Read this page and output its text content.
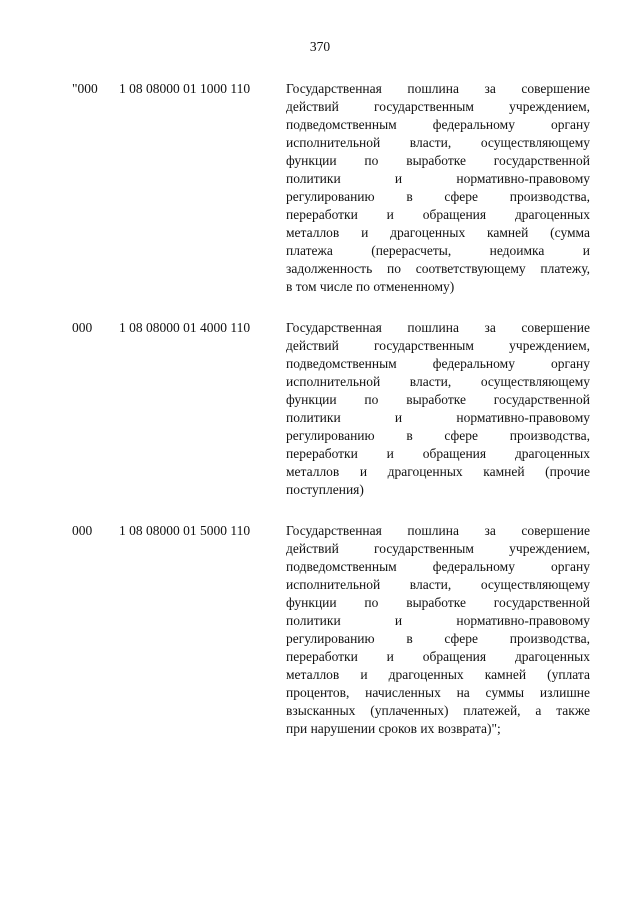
370
"000 1 08 08000 01 1000 110	Государственная пошлина за совершение
действий государственным учреждением,
подведомственным федеральному органу
исполнительной власти, осуществляющему
функции по выработке государственной
политики и нормативно-правовому
регулированию в сфере производства,
переработки и обращения драгоценных
металлов и драгоценных камней (сумма
платежа (перерасчеты, недоимка и
задолженность по соответствующему платежу,
в том числе по отмененному)
000 1 08 08000 01 4000 110	Государственная пошлина за совершение
действий государственным учреждением,
подведомственным федеральному органу
исполнительной власти, осуществляющему
функции по выработке государственной
политики и нормативно-правовому
регулированию в сфере производства,
переработки и обращения драгоценных
металлов и драгоценных камней (прочие
поступления)
000 1 08 08000 01 5000 110	Государственная пошлина за совершение
действий государственным учреждением,
подведомственным федеральному органу
исполнительной власти, осуществляющему
функции по выработке государственной
политики и нормативно-правовому
регулированию в сфере производства,
переработки и обращения драгоценных
металлов и драгоценных камней (уплата
процентов, начисленных на суммы излишне
взысканных (уплаченных) платежей, а также
при нарушении сроков их возврата)";
